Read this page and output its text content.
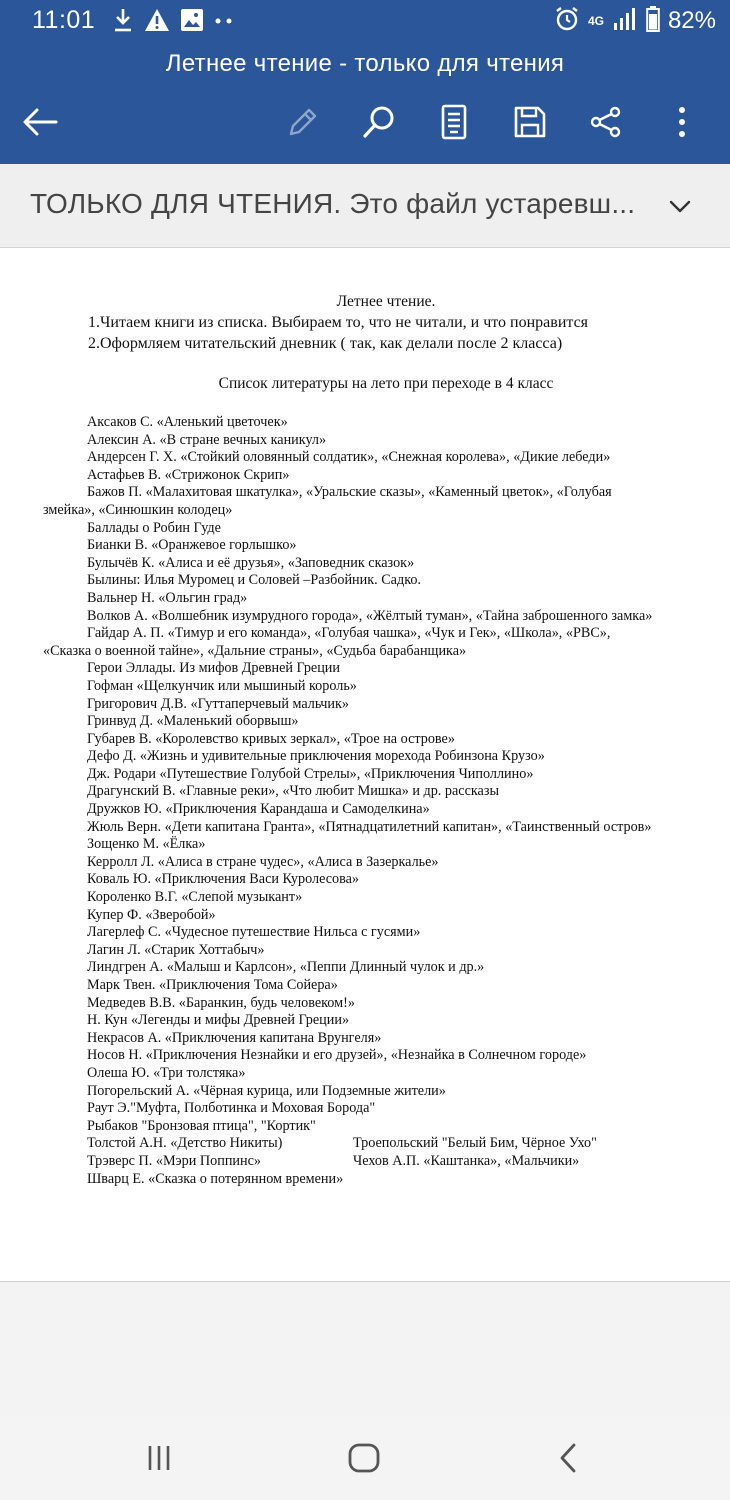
11:01	4G	82%
Летнее чтение - только для чтения
ТОЛЬКО ДЛЯ ЧТЕНИЯ. Это файл устаревш...
Летнее чтение.
1.Читаем книги из списка. Выбираем то, что не читали, и что понравится
2.Оформляем читательский дневник ( так, как делали после 2 класса)
Список литературы на лето при переходе в 4 класс
Аксаков С. «Аленький цветочек»
Алексин А. «В стране вечных каникул»
Андерсен Г. Х. «Стойкий оловянный солдатик», «Снежная королева», «Дикие лебеди»
Астафьев В. «Стрижонок Скрип»
Бажов П. «Малахитовая шкатулка», «Уральские сказы», «Каменный цветок», «Голубая
змейка», «Синюшкин колодец»
Баллады о Робин Гуде
Бианки В. «Оранжевое горлышко»
Булычёв К. «Алиса и её друзья», «Заповедник сказок»
Былины: Илья Муромец и Соловей –Разбойник. Садко.
Вальнер Н. «Ольгин град»
Волков А. «Волшебник изумрудного города», «Жёлтый туман», «Тайна заброшенного замка»
Гайдар А. П. «Тимур и его команда», «Голубая чашка», «Чук и Гек», «Школа», «РВС»,
«Сказка о военной тайне», «Дальние страны», «Судьба барабанщика»
Герои Эллады. Из мифов Древней Греции
Гофман «Щелкунчик или мышиный король»
Григорович Д.В. «Гуттаперчевый мальчик»
Гринвуд Д. «Маленький оборвыш»
Губарев В. «Королевство кривых зеркал», «Трое на острове»
Дефо Д. «Жизнь и удивительные приключения морехода Робинзона Крузо»
Дж. Родари «Путешествие Голубой Стрелы», «Приключения Чиполлино»
Драгунский В. «Главные реки», «Что любит Мишка» и др. рассказы
Дружков Ю. «Приключения Карандаша и Самоделкина»
Жюль Верн. «Дети капитана Гранта», «Пятнадцатилетний капитан», «Таинственный остров»
Зощенко М. «Ёлка»
Керролл Л. «Алиса в стране чудес», «Алиса в Зазеркалье»
Коваль Ю. «Приключения Васи Куролесова»
Короленко В.Г. «Слепой музыкант»
Купер Ф. «Зверобой»
Лагерлеф С. «Чудесное путешествие Нильса с гусями»
Лагин Л. «Старик Хоттабыч»
Линдгрен А. «Малыш и Карлсон», «Пеппи Длинный чулок и др.»
Марк Твен. «Приключения Тома Сойера»
Медведев В.В. «Баранкин, будь человеком!»
Н. Кун «Легенды и мифы Древней Греции»
Некрасов А. «Приключения капитана Врунгеля»
Носов Н. «Приключения Незнайки и его друзей», «Незнайка в Солнечном городе»
Олеша Ю. «Три толстяка»
Погорельский А. «Чёрная курица, или Подземные жители»
Раут Э."Муфта, Полботинка и Моховая Борода"
Рыбаков "Бронзовая птица", "Кортик"
Толстой А.Н. «Детство Никиты)	Троепольский "Белый Бим, Чёрное Ухо"
Трэверс П. «Мэри Поппинс»	Чехов А.П. «Каштанка», «Мальчики»
Шварц Е. «Сказка о потерянном времени»
